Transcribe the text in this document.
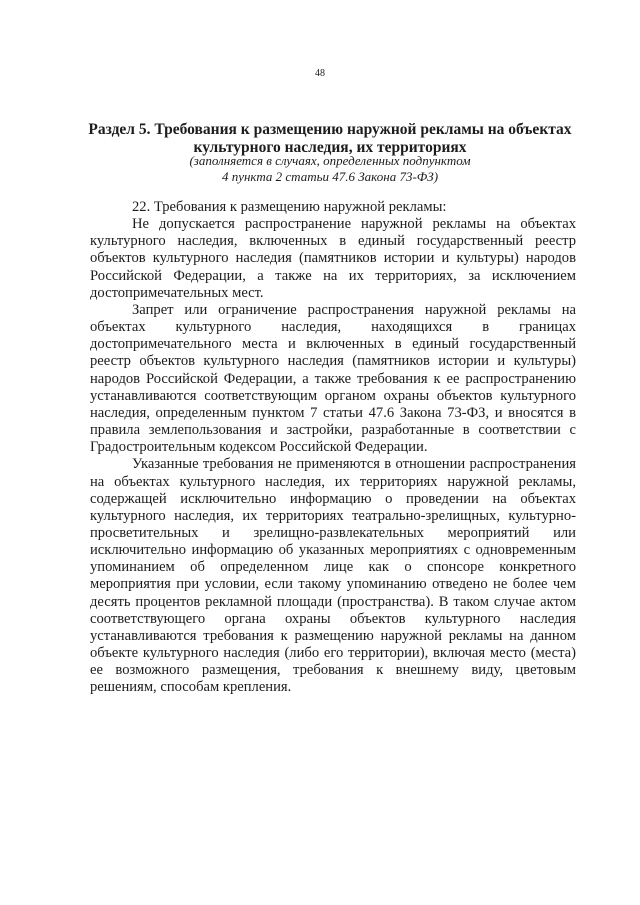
48
Раздел 5. Требования к размещению наружной рекламы на объектах
культурного наследия, их территориях
(заполняется в случаях, определенных подпунктом
4 пункта 2 статьи 47.6 Закона 73-ФЗ)

22. Требования к размещению наружной рекламы:

Не допускается распространение наружной рекламы на объектах культурного наследия, включенных в единый государственный реестр объектов культурного наследия (памятников истории и культуры) народов Российской Федерации, а также на их территориях, за исключением достопримечательных мест.

Запрет или ограничение распространения наружной рекламы на объектах культурного наследия, находящихся в границах достопримечательного места и включенных в единый государственный реестр объектов культурного наследия (памятников истории и культуры) народов Российской Федерации, а также требования к ее распространению устанавливаются соответствующим органом охраны объектов культурного наследия, определенным пунктом 7 статьи 47.6 Закона 73-ФЗ, и вносятся в правила землепользования и застройки, разработанные в соответствии с Градостроительным кодексом Российской Федерации.

Указанные требования не применяются в отношении распространения на объектах культурного наследия, их территориях наружной рекламы, содержащей исключительно информацию о проведении на объектах культурного наследия, их территориях театрально-зрелищных, культурно-просветительных и зрелищно-развлекательных мероприятий или исключительно информацию об указанных мероприятиях с одновременным упоминанием об определенном лице как о спонсоре конкретного мероприятия при условии, если такому упоминанию отведено не более чем десять процентов рекламной площади (пространства). В таком случае актом соответствующего органа охраны объектов культурного наследия устанавливаются требования к размещению наружной рекламы на данном объекте культурного наследия (либо его территории), включая место (места) ее возможного размещения, требования к внешнему виду, цветовым решениям, способам крепления.
